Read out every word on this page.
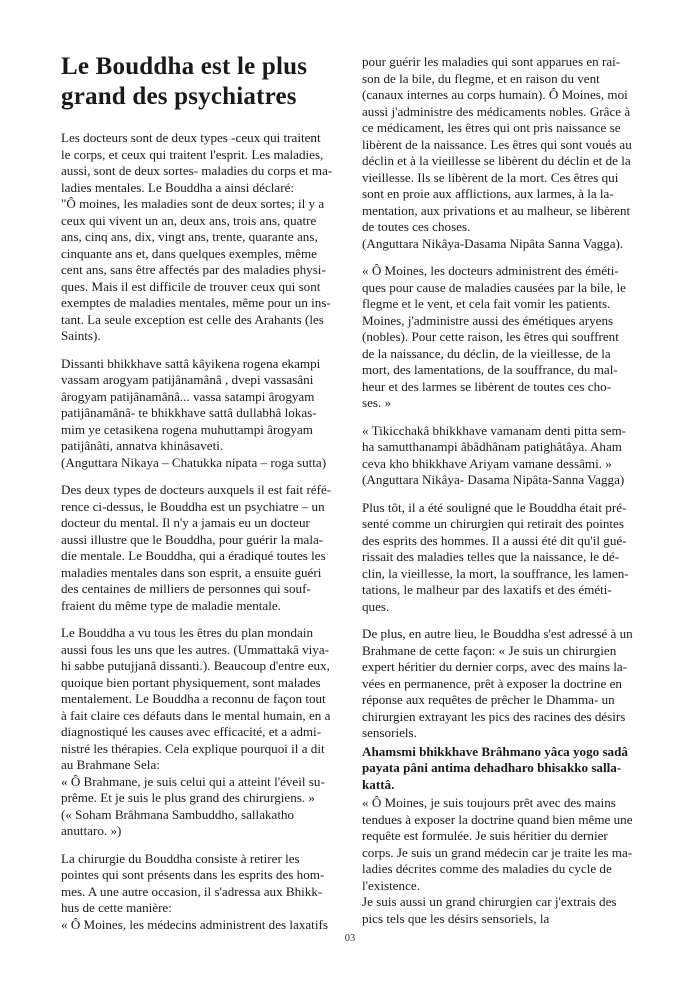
Le Bouddha est le plus
grand des psychiatres

Les docteurs sont de deux types -ceux qui traitent
le corps, et ceux qui traitent l'esprit. Les maladies,
aussi, sont de deux sortes- maladies du corps et ma-
ladies mentales. Le Bouddha a ainsi déclaré:
"Ô moines, les maladies sont de deux sortes; il y a
ceux qui vivent un an, deux ans, trois ans, quatre
ans, cinq ans, dix, vingt ans, trente, quarante ans,
cinquante ans et, dans quelques exemples, même
cent ans, sans être affectés par des maladies physi-
ques. Mais il est difficile de trouver ceux qui sont
exemptes de maladies mentales, même pour un ins-
tant. La seule exception est celle des Arahants (les
Saints).

Dissanti bhikkhave sattâ kâyikena rogena ekampi
vassam arogyam patijânamânâ , dvepi vassasâni
ârogyam patijânamânâ... vassa satampi ârogyam
patijânamânâ- te bhikkhave sattâ dullabhâ lokas-
mim ye cetasikena rogena muhuttampi ârogyam
patijânâti, annatva khinâsaveti.
(Anguttara Nikaya – Chatukka nipata – roga sutta)

Des deux types de docteurs auxquels il est fait réfé-
rence ci-dessus, le Bouddha est un psychiatre – un
docteur du mental. Il n'y a jamais eu un docteur
aussi illustre que le Bouddha, pour guérir la mala-
die mentale. Le Bouddha, qui a éradiqué toutes les
maladies mentales dans son esprit, a ensuite guéri
des centaines de milliers de personnes qui souf-
fraient du même type de maladie mentale.

Le Bouddha a vu tous les êtres du plan mondain
aussi fous les uns que les autres. (Ummattakâ viya-
hi sabbe putujjanâ dissanti.). Beaucoup d'entre eux,
quoique bien portant physiquement, sont malades
mentalement. Le Bouddha a reconnu de façon tout
à fait claire ces défauts dans le mental humain, en a
diagnostiqué les causes avec efficacité, et a admi-
nistré les thérapies. Cela explique pourquoi il a dit
au Brahmane Sela:
« Ô Brahmane, je suis celui qui a atteint l'éveil su-
prême. Et je suis le plus grand des chirurgiens. »
(« Soham Brâhmana Sambuddho, sallakatho
anuttaro. »)

La chirurgie du Bouddha consiste à retirer les
pointes qui sont présents dans les esprits des hom-
mes. A une autre occasion, il s'adressa aux Bhikk-
hus de cette manière:
« Ô Moines, les médecins administrent des laxatifs

pour guérir les maladies qui sont apparues en rai-
son de la bile, du flegme, et en raison du vent
(canaux internes au corps humain). Ô Moines, moi
aussi j'administre des médicaments nobles. Grâce à
ce médicament, les êtres qui ont pris naissance se
libèrent de la naissance. Les êtres qui sont voués au
déclin et à la vieillesse se libèrent du déclin et de la
vieillesse. Ils se libèrent de la mort. Ces êtres qui
sont en proie aux afflictions, aux larmes, à la la-
mentation, aux privations et au malheur, se libèrent
de toutes ces choses.
(Anguttara Nikâya-Dasama Nipâta Sanna Vagga).

« Ô Moines, les docteurs administrent des éméti-
ques pour cause de maladies causées par la bile, le
flegme et le vent, et cela fait vomir les patients.
Moines, j'administre aussi des émétiques aryens
(nobles). Pour cette raison, les êtres qui souffrent
de la naissance, du déclin, de la vieillesse, de la
mort, des lamentations, de la souffrance, du mal-
heur et des larmes se libèrent de toutes ces cho-
ses. »

« Tikicchakâ bhikkhave vamanam denti pitta sem-
ha samutthanampi âbâdhânam patighâtâya. Aham
ceva kho bhikkhave Ariyam vamane dessâmi. »
(Anguttara Nikâya- Dasama Nipâta-Sanna Vagga)

Plus tôt, il a été souligné que le Bouddha était pré-
senté comme un chirurgien qui retirait des pointes
des esprits des hommes. Il a aussi été dit qu'il gué-
rissait des maladies telles que la naissance, le dé-
clin, la vieillesse, la mort, la souffrance, les lamen-
tations, le malheur par des laxatifs et des éméti-
ques.

De plus, en autre lieu, le Bouddha s'est adressé à un
Brahmane de cette façon: « Je suis un chirurgien
expert héritier du dernier corps, avec des mains la-
vées en permanence, prêt à exposer la doctrine en
réponse aux requêtes de prêcher le Dhamma- un
chirurgien extrayant les pics des racines des désirs
sensoriels.

Ahamsmi bhikkhave Brâhmano yâca yogo sadâ
payata pâni antima dehadharo bhisakko salla-
kattâ.

« Ô Moines, je suis toujours prêt avec des mains
tendues à exposer la doctrine quand bien même une
requête est formulée. Je suis héritier du dernier
corps. Je suis un grand médecin car je traite les ma-
ladies décrites comme des maladies du cycle de
l'existence.
Je suis aussi un grand chirurgien car j'extrais des
pics tels que les désirs sensoriels, la

03
